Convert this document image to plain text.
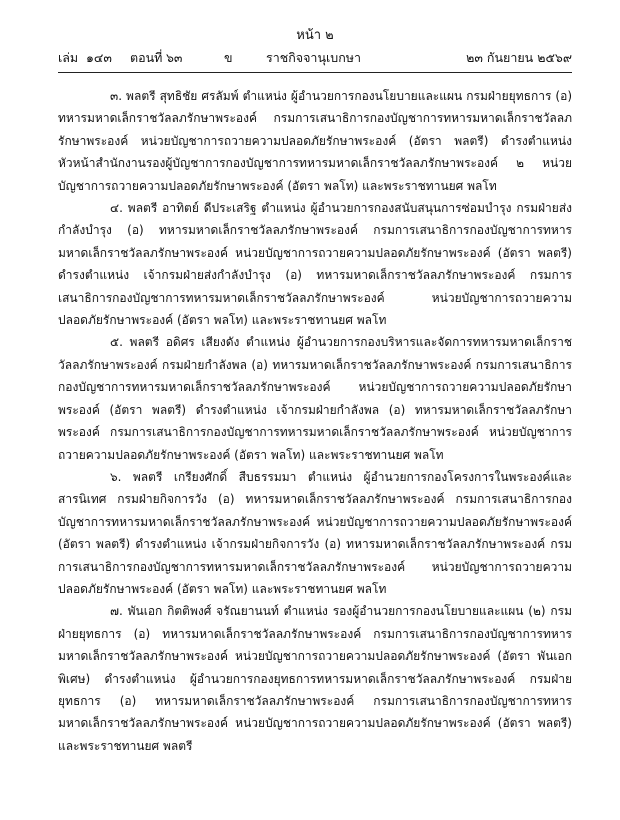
หน้า ๒
เล่ม ๑๔๓	ตอนที่ ๖๓	ข	ราชกิจจานุเบกษา	๒๓ กันยายน ๒๕๖๙

๓. พลตรี สุทธิชัย ศรลัมพ์ ตำแหน่ง ผู้อำนวยการกองนโยบายและแผน กรมฝ่ายยุทธการ (อ) ทหารมหาดเล็กราชวัลลภรักษาพระองค์ กรมการเสนาธิการกองบัญชาการทหารมหาดเล็กราชวัลลภรักษาพระองค์ หน่วยบัญชาการถวายความปลอดภัยรักษาพระองค์ (อัตรา พลตรี) ดำรงตำแหน่ง หัวหน้าสำนักงานรองผู้บัญชาการกองบัญชาการทหารมหาดเล็กราชวัลลภรักษาพระองค์ ๒ หน่วยบัญชาการถวายความปลอดภัยรักษาพระองค์ (อัตรา พลโท) และพระราชทานยศ พลโท

๔. พลตรี อาทิตย์ ดีประเสริฐ ตำแหน่ง ผู้อำนวยการกองสนับสนุนการซ่อมบำรุง กรมฝ่ายส่งกำลังบำรุง (อ) ทหารมหาดเล็กราชวัลลภรักษาพระองค์ กรมการเสนาธิการกองบัญชาการทหารมหาดเล็กราชวัลลภรักษาพระองค์ หน่วยบัญชาการถวายความปลอดภัยรักษาพระองค์ (อัตรา พลตรี) ดำรงตำแหน่ง เจ้ากรมฝ่ายส่งกำลังบำรุง (อ) ทหารมหาดเล็กราชวัลลภรักษาพระองค์ กรมการเสนาธิการกองบัญชาการทหารมหาดเล็กราชวัลลภรักษาพระองค์ หน่วยบัญชาการถวายความปลอดภัยรักษาพระองค์ (อัตรา พลโท) และพระราชทานยศ พลโท

๕. พลตรี อดิศร เสียงดัง ตำแหน่ง ผู้อำนวยการกองบริหารและจัดการทหารมหาดเล็กราชวัลลภรักษาพระองค์ กรมฝ่ายกำลังพล (อ) ทหารมหาดเล็กราชวัลลภรักษาพระองค์ กรมการเสนาธิการกองบัญชาการทหารมหาดเล็กราชวัลลภรักษาพระองค์ หน่วยบัญชาการถวายความปลอดภัยรักษาพระองค์ (อัตรา พลตรี) ดำรงตำแหน่ง เจ้ากรมฝ่ายกำลังพล (อ) ทหารมหาดเล็กราชวัลลภรักษาพระองค์ กรมการเสนาธิการกองบัญชาการทหารมหาดเล็กราชวัลลภรักษาพระองค์ หน่วยบัญชาการถวายความปลอดภัยรักษาพระองค์ (อัตรา พลโท) และพระราชทานยศ พลโท

๖. พลตรี เกรียงศักดิ์ สืบธรรมมา ตำแหน่ง ผู้อำนวยการกองโครงการในพระองค์และสารนิเทศ กรมฝ่ายกิจการวัง (อ) ทหารมหาดเล็กราชวัลลภรักษาพระองค์ กรมการเสนาธิการกองบัญชาการทหารมหาดเล็กราชวัลลภรักษาพระองค์ หน่วยบัญชาการถวายความปลอดภัยรักษาพระองค์ (อัตรา พลตรี) ดำรงตำแหน่ง เจ้ากรมฝ่ายกิจการวัง (อ) ทหารมหาดเล็กราชวัลลภรักษาพระองค์ กรมการเสนาธิการกองบัญชาการทหารมหาดเล็กราชวัลลภรักษาพระองค์ หน่วยบัญชาการถวายความปลอดภัยรักษาพระองค์ (อัตรา พลโท) และพระราชทานยศ พลโท

๗. พันเอก กิตติพงศ์ จรัณยานนท์ ตำแหน่ง รองผู้อำนวยการกองนโยบายและแผน (๒) กรมฝ่ายยุทธการ (อ) ทหารมหาดเล็กราชวัลลภรักษาพระองค์ กรมการเสนาธิการกองบัญชาการทหารมหาดเล็กราชวัลลภรักษาพระองค์ หน่วยบัญชาการถวายความปลอดภัยรักษาพระองค์ (อัตรา พันเอกพิเศษ) ดำรงตำแหน่ง ผู้อำนวยการกองยุทธการทหารมหาดเล็กราชวัลลภรักษาพระองค์ กรมฝ่ายยุทธการ (อ) ทหารมหาดเล็กราชวัลลภรักษาพระองค์ กรมการเสนาธิการกองบัญชาการทหารมหาดเล็กราชวัลลภรักษาพระองค์ หน่วยบัญชาการถวายความปลอดภัยรักษาพระองค์ (อัตรา พลตรี) และพระราชทานยศ พลตรี
